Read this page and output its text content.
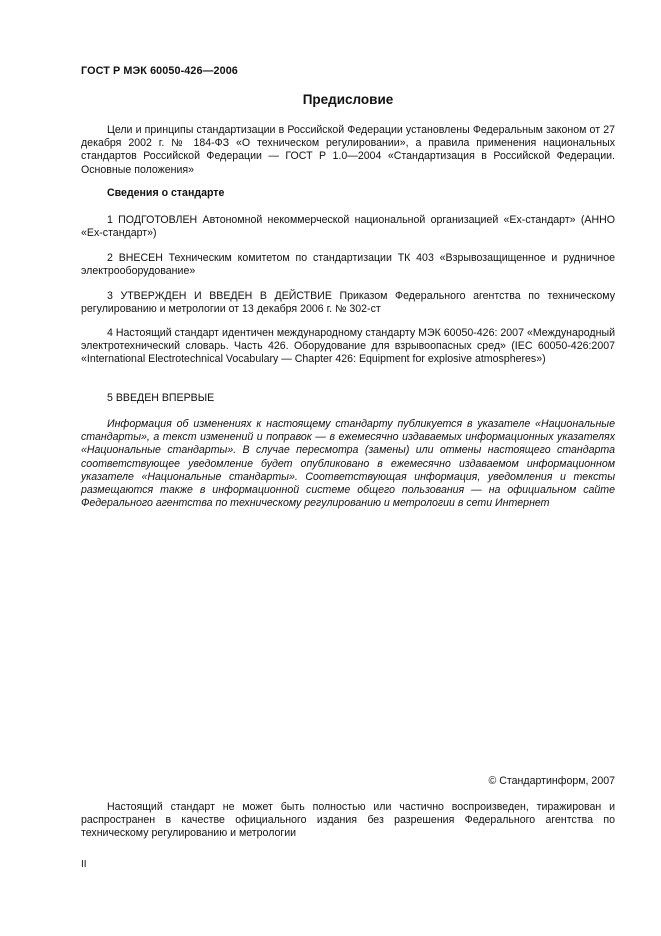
ГОСТ Р МЭК 60050-426—2006
Предисловие

Цели и принципы стандартизации в Российской Федерации установлены Федеральным законом от 27 декабря 2002 г. № 184-ФЗ «О техническом регулировании», а правила применения национальных стандартов Российской Федерации — ГОСТ Р 1.0—2004 «Стандартизация в Российской Федерации. Основные положения»

Сведения о стандарте

1 ПОДГОТОВЛЕН Автономной некоммерческой национальной организацией «Ех-стандарт» (АННО «Ех-стандарт»)

2 ВНЕСЕН Техническим комитетом по стандартизации ТК 403 «Взрывозащищенное и рудничное электрооборудование»

3 УТВЕРЖДЕН И ВВЕДЕН В ДЕЙСТВИЕ Приказом Федерального агентства по техническому регулированию и метрологии от 13 декабря 2006 г. № 302-ст

4 Настоящий стандарт идентичен международному стандарту МЭК 60050-426: 2007 «Международный электротехнический словарь. Часть 426. Оборудование для взрывоопасных сред» (IEC 60050-426:2007 «International Electrotechnical Vocabulary — Chapter 426: Equipment for explosive atmospheres»)

5 ВВЕДЕН ВПЕРВЫЕ

Информация об изменениях к настоящему стандарту публикуется в указателе «Национальные стандарты», а текст изменений и поправок — в ежемесячно издаваемых информационных указателях «Национальные стандарты». В случае пересмотра (замены) или отмены настоящего стандарта соответствующее уведомление будет опубликовано в ежемесячно издаваемом информационном указателе «Национальные стандарты». Соответствующая информация, уведомления и тексты размещаются также в информационной системе общего пользования — на официальном сайте Федерального агентства по техническому регулированию и метрологии в сети Интернет

© Стандартинформ, 2007

Настоящий стандарт не может быть полностью или частично воспроизведен, тиражирован и распространен в качестве официального издания без разрешения Федерального агентства по техническому регулированию и метрологии

II
